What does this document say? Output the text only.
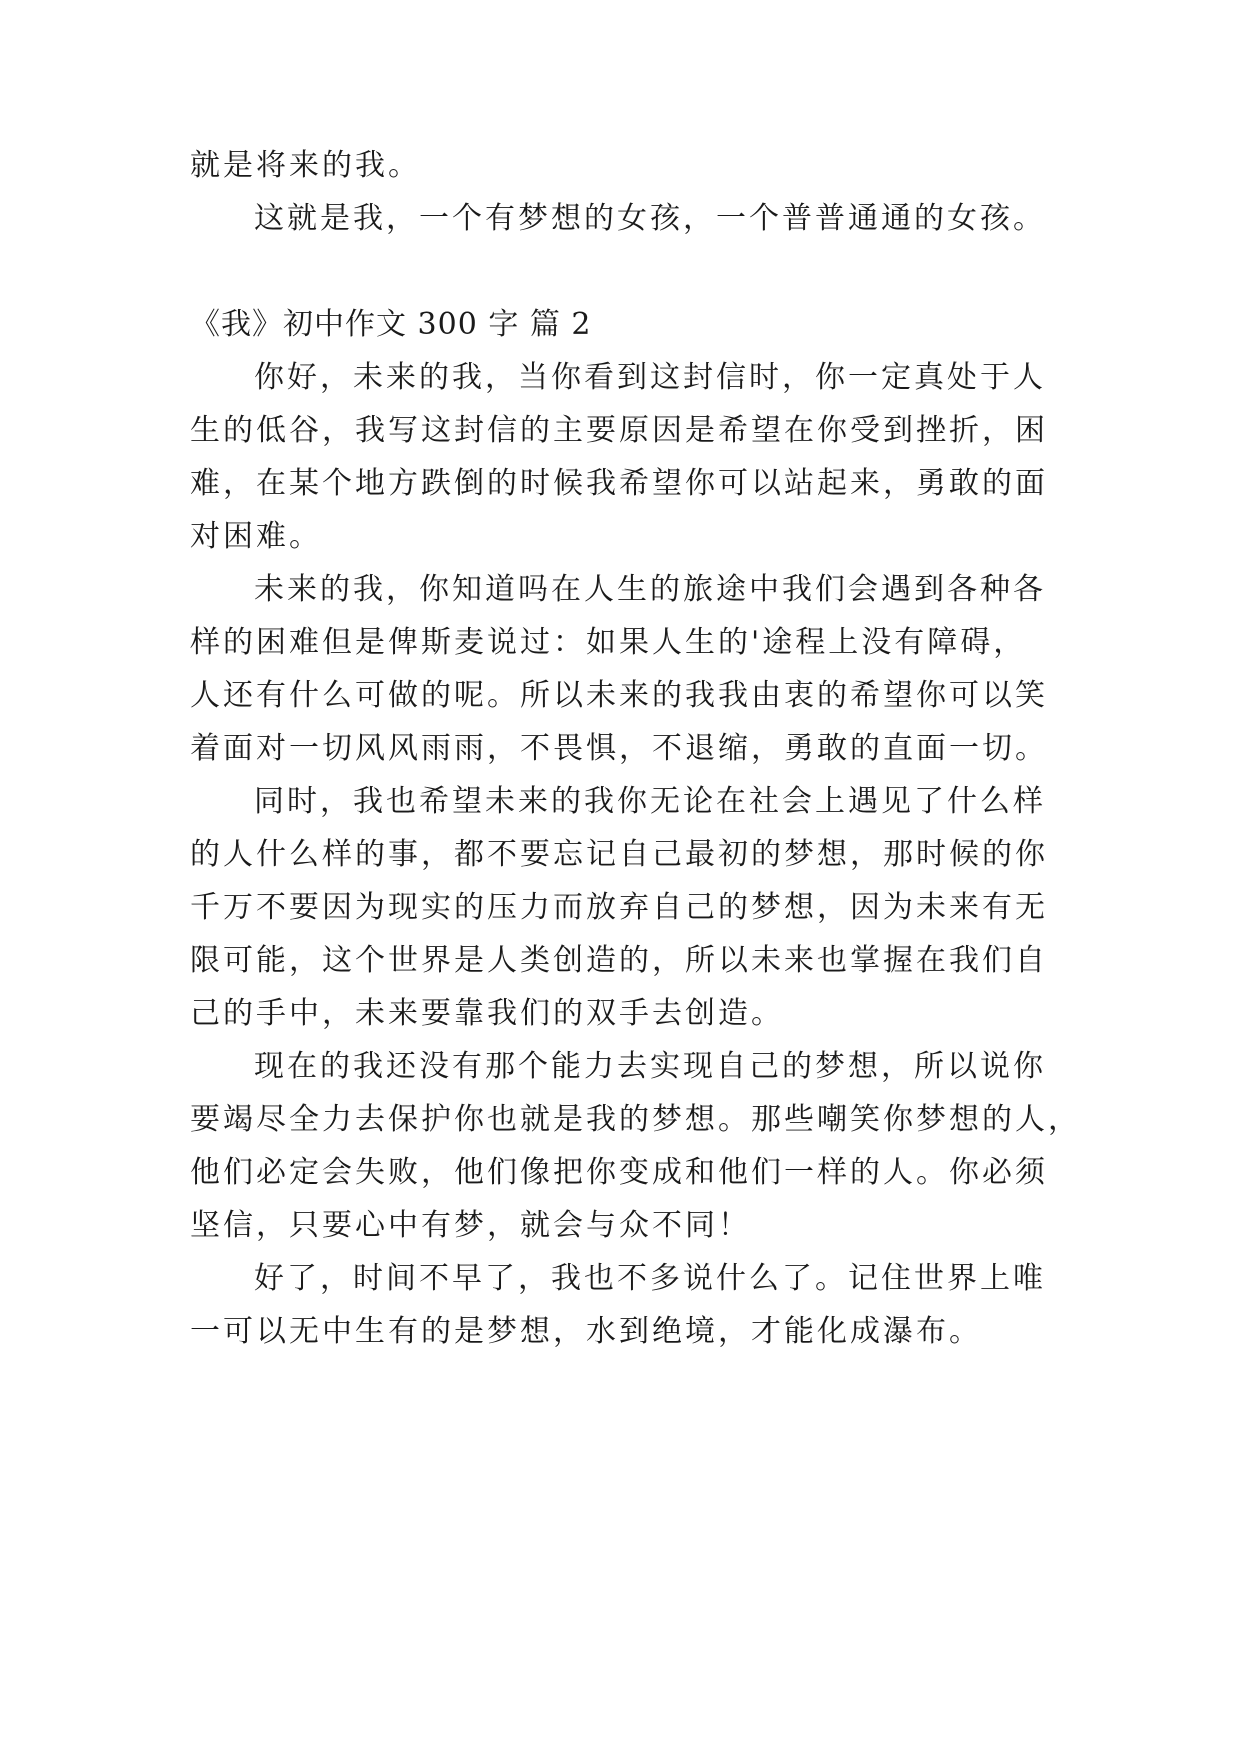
就是将来的我。

这就是我，一个有梦想的女孩，一个普普通通的女孩。

《我》初中作文 300 字 篇 2

你好，未来的我，当你看到这封信时，你一定真处于人

生的低谷，我写这封信的主要原因是希望在你受到挫折，困

难，在某个地方跌倒的时候我希望你可以站起来，勇敢的面

对困难。

未来的我，你知道吗在人生的旅途中我们会遇到各种各

样的困难但是俾斯麦说过：如果人生的'途程上没有障碍，

人还有什么可做的呢。所以未来的我我由衷的希望你可以笑

着面对一切风风雨雨，不畏惧，不退缩，勇敢的直面一切。

同时，我也希望未来的我你无论在社会上遇见了什么样

的人什么样的事，都不要忘记自己最初的梦想，那时候的你

千万不要因为现实的压力而放弃自己的梦想，因为未来有无

限可能，这个世界是人类创造的，所以未来也掌握在我们自

己的手中，未来要靠我们的双手去创造。

现在的我还没有那个能力去实现自己的梦想，所以说你

要竭尽全力去保护你也就是我的梦想。那些嘲笑你梦想的人，

他们必定会失败，他们像把你变成和他们一样的人。你必须

坚信，只要心中有梦，就会与众不同！

好了，时间不早了，我也不多说什么了。记住世界上唯

一可以无中生有的是梦想，水到绝境，才能化成瀑布。
